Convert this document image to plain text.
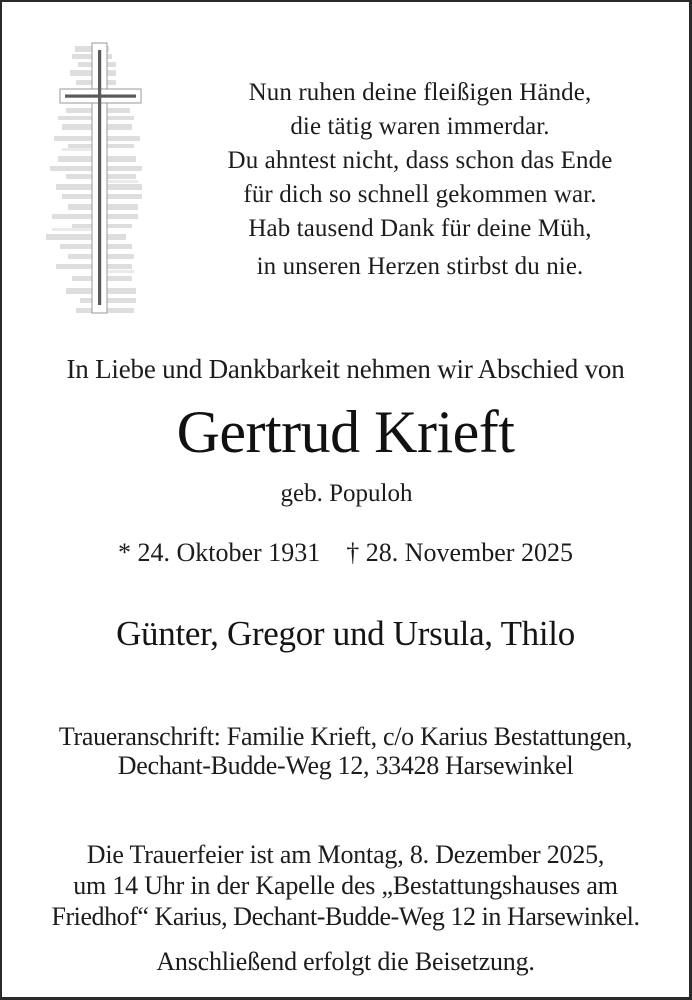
Nun ruhen deine fleißigen Hände,
die tätig waren immerdar.
Du ahntest nicht, dass schon das Ende
für dich so schnell gekommen war.
Hab tausend Dank für deine Müh,
in unseren Herzen stirbst du nie.
In Liebe und Dankbarkeit nehmen wir Abschied von
Gertrud Krieft
geb. Populoh
* 24. Oktober 1931 † 28. November 2025
Günter, Gregor und Ursula, Thilo
Traueranschrift: Familie Krieft, c/o Karius Bestattungen,
Dechant-Budde-Weg 12, 33428 Harsewinkel
Die Trauerfeier ist am Montag, 8. Dezember 2025,
um 14 Uhr in der Kapelle des „Bestattungshauses am
Friedhof“ Karius, Dechant-Budde-Weg 12 in Harsewinkel.
Anschließend erfolgt die Beisetzung.
